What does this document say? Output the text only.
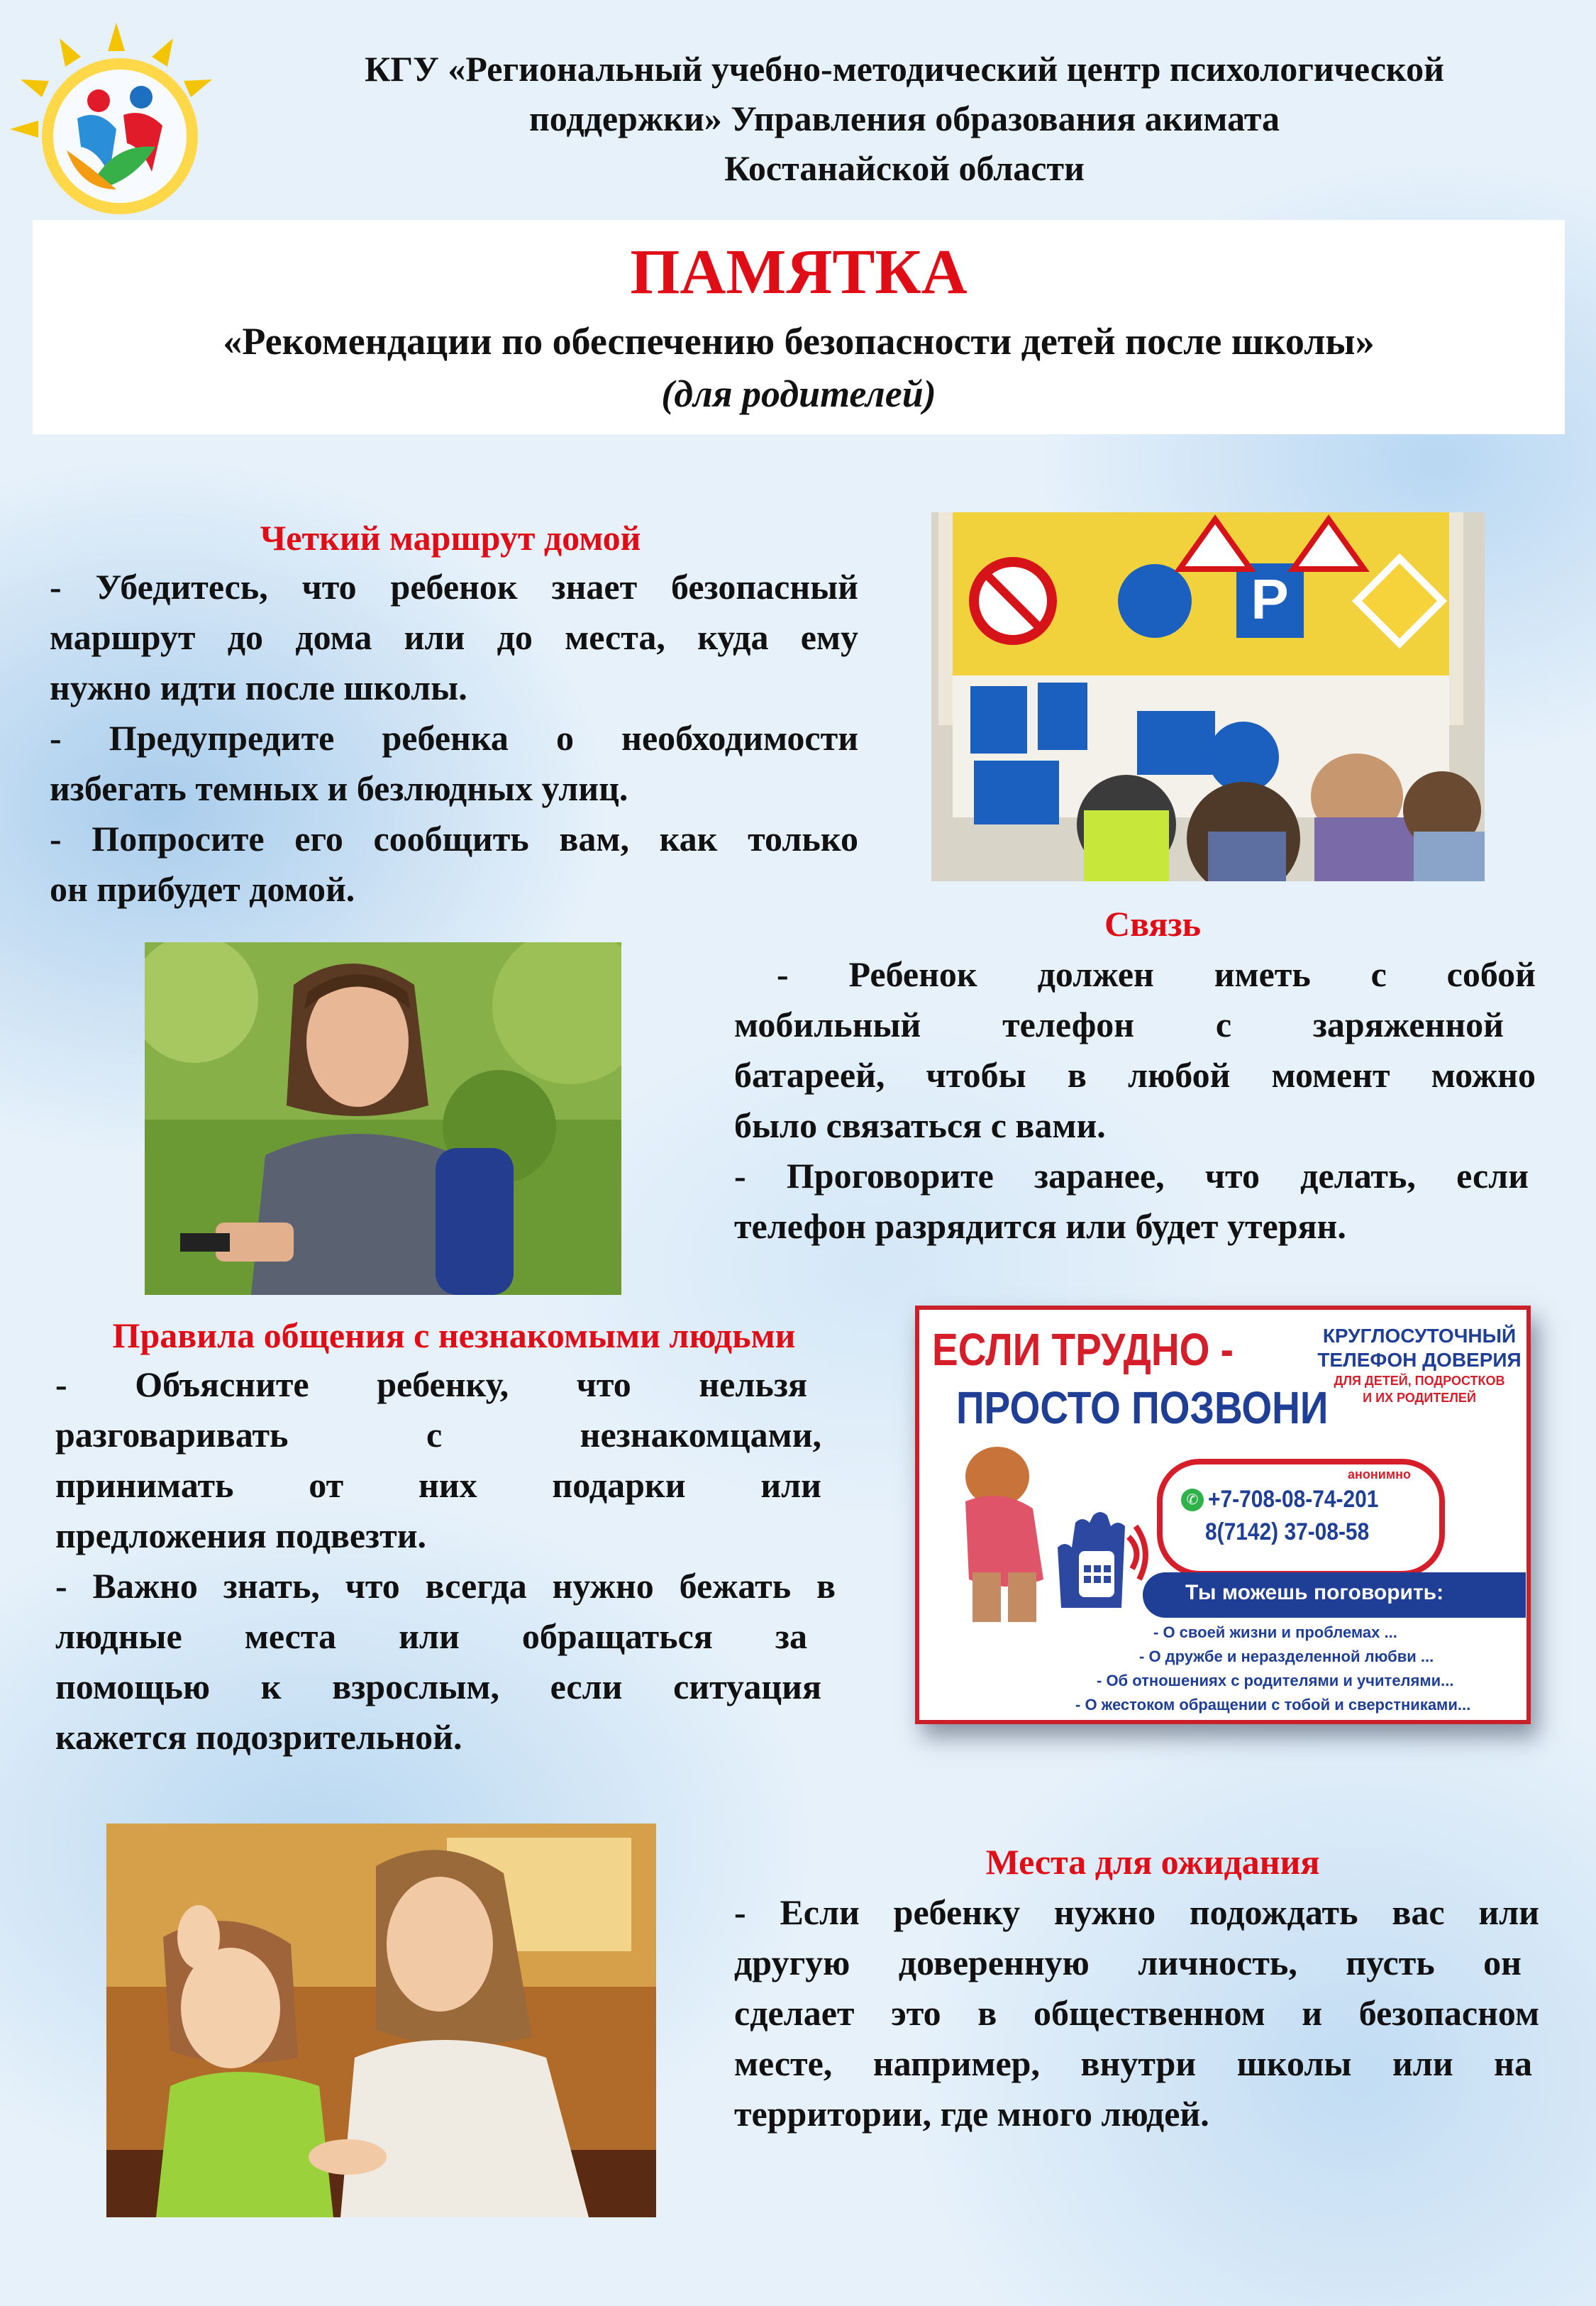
КГУ «Региональный учебно-методический центр психологической
поддержки» Управления образования акимата
Костанайской области
ПАМЯТКА
«Рекомендации по обеспечению безопасности детей после школы»
(для родителей)
Четкий маршрут домой
- Убедитесь, что ребенок знает безопасный
маршрут до дома или до места, куда ему
нужно идти после школы.
- Предупредите ребенка о необходимости
избегать темных и безлюдных улиц.
- Попросите его сообщить вам, как только
он прибудет домой.
P
Связь
- Ребенок должен иметь с собой
мобильный телефон с заряженной
батареей, чтобы в любой момент можно
было связаться с вами.
- Проговорите заранее, что делать, если
телефон разрядится или будет утерян.
Правила общения с незнакомыми людьми
- Объясните ребенку, что нельзя
разговаривать с незнакомцами,
принимать от них подарки или
предложения подвезти.
- Важно знать, что всегда нужно бежать в
людные места или обращаться за
помощью к взрослым, если ситуация
кажется подозрительной.
ЕСЛИ ТРУДНО -
ПРОСТО ПОЗВОНИ
КРУГЛОСУТОЧНЫЙ
ТЕЛЕФОН ДОВЕРИЯ
ДЛЯ ДЕТЕЙ, ПОДРОСТКОВ
И ИХ РОДИТЕЛЕЙ
анонимно
✆ +7-708-08-74-201
8(7142) 37-08-58
Ты можешь поговорить:
- О своей жизни и проблемах ...
- О дружбе и неразделенной любви ...
- Об отношениях с родителями и учителями...
- О жестоком обращении с тобой и сверстниками...
Места для ожидания
- Если ребенку нужно подождать вас или
другую доверенную личность, пусть он
сделает это в общественном и безопасном
месте, например, внутри школы или на
территории, где много людей.
